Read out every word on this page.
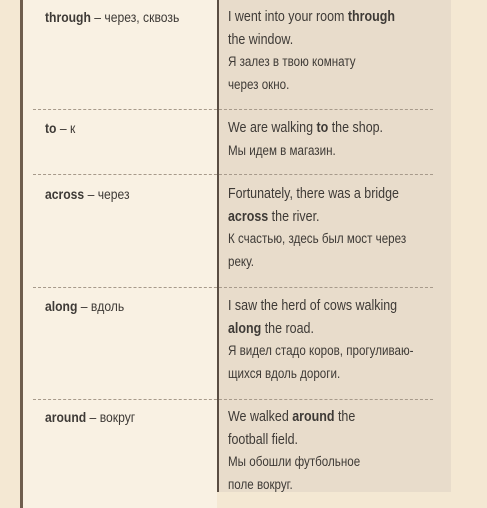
through – через, сквозь	I went into your room through
the window.
Я залез в твою комнату
через окно.
to – к	We are walking to the shop.
Мы идем в магазин.
across – через	Fortunately, there was a bridge
across the river.
К счастью, здесь был мост через
реку.
along – вдоль	I saw the herd of cows walking
along the road.
Я видел стадо коров, прогуливаю-
щихся вдоль дороги.
around – вокруг	We walked around the
football field.
Мы обошли футбольное
поле вокруг.
